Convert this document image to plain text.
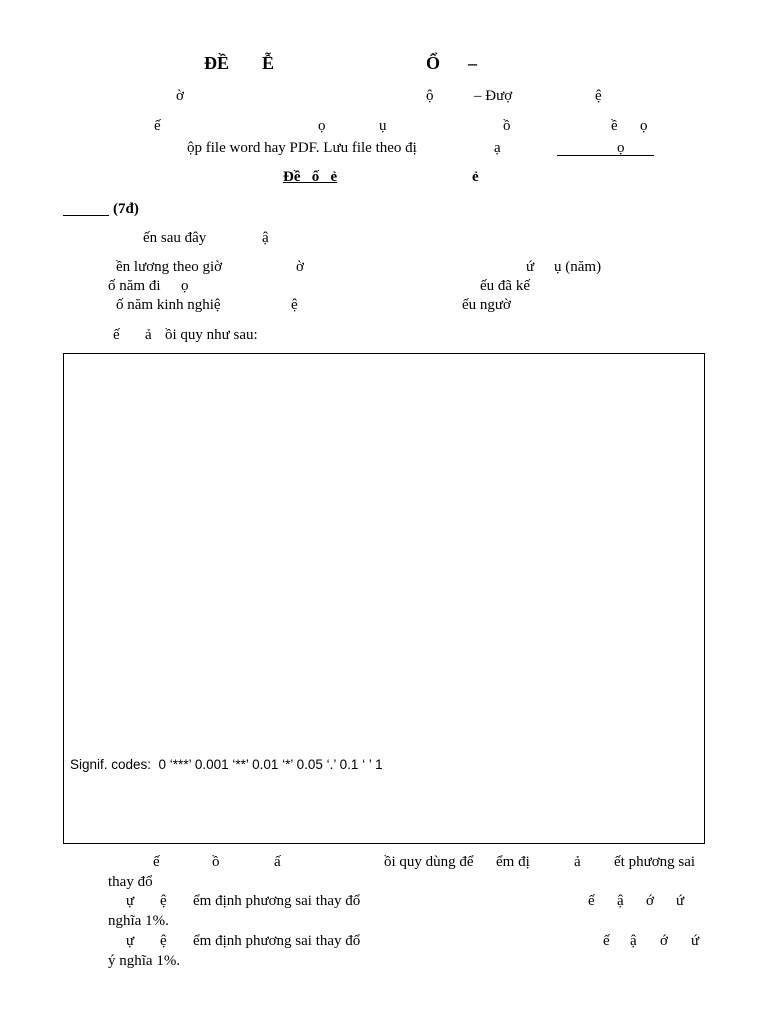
ĐỀ Ễ	Ổ –
ờ	ộ	– Đượ	ệ
ế	ọ	ụ	ồ	ề ọ
ộp file word hay PDF. Lưu file theo đị	ạ	ọ
Đề   ố   ẻ	ẻ
(7đ)
ến sau đây	ậ
ền lương theo giờ	ờ	ứ ụ (năm)
ố năm đi ọ	ếu đã kế
ố năm kinh nghiệ	ệ	ếu ngườ
ế ả ồi quy như sau:
Signif. codes:  0 ‘***’ 0.001 ‘**’ 0.01 ‘*’ 0.05 ‘.’ 0.1 ‘ ’ 1
ế	ồ	ấ	ồi quy dùng để ểm đị	ả ết phương sai
thay đổ
ự ệ ểm định phương sai thay đổ	ế ậ ớ ứ
nghĩa 1%.
ự ệ ểm định phương sai thay đổ	ế ậ ớ ứ
ý nghĩa 1%.
